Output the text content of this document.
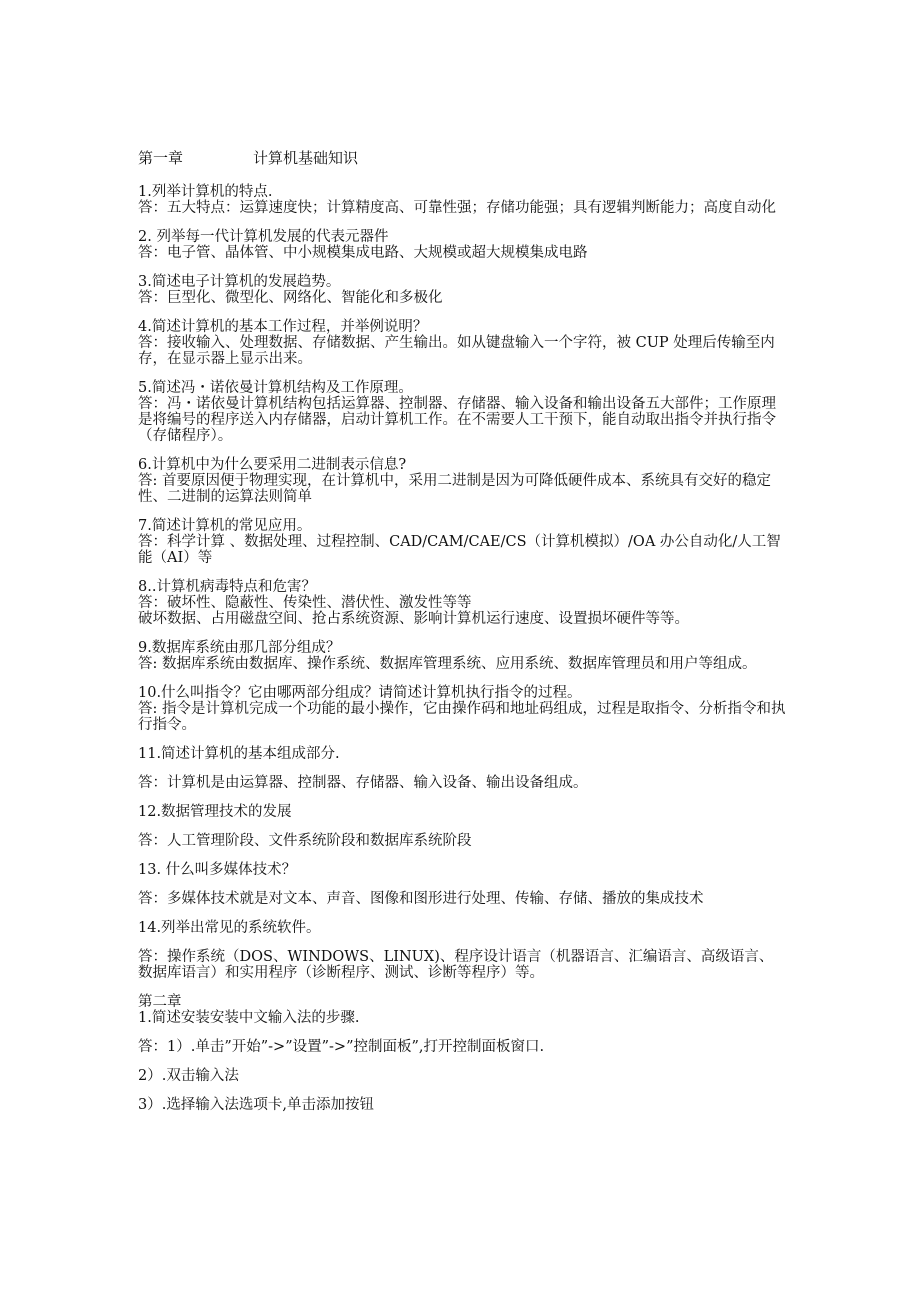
第一章	计算机基础知识

1.列举计算机的特点.

答：五大特点：运算速度快；计算精度高、可靠性强；存储功能强；具有逻辑判断能力；高度自动化

2. 列举每一代计算机发展的代表元器件

答：电子管、晶体管、中小规模集成电路、大规模或超大规模集成电路

3.简述电子计算机的发展趋势。

答：巨型化、微型化、网络化、智能化和多极化

4.简述计算机的基本工作过程，并举例说明？

答：接收输入、处理数据、存储数据、产生输出。如从键盘输入一个字符，被 CUP 处理后传输至内存，在显示器上显示出来。

5.简述冯・诺依曼计算机结构及工作原理。

答：冯・诺依曼计算机结构包括运算器、控制器、存储器、输入设备和输出设备五大部件；工作原理是将编号的程序送入内存储器，启动计算机工作。在不需要人工干预下，能自动取出指令并执行指令（存储程序）。

6.计算机中为什么要采用二进制表示信息?

答: 首要原因便于物理实现，在计算机中，采用二进制是因为可降低硬件成本、系统具有交好的稳定性、二进制的运算法则简单

7.简述计算机的常见应用。

答：科学计算 、数据处理、过程控制、CAD/CAM/CAE/CS（计算机模拟）/OA 办公自动化/人工智能（AI）等

8..计算机病毒特点和危害？

答：破坏性、隐蔽性、传染性、潜伏性、激发性等等

破坏数据、占用磁盘空间、抢占系统资源、影响计算机运行速度、设置损坏硬件等等。

9.数据库系统由那几部分组成？

答: 数据库系统由数据库、操作系统、数据库管理系统、应用系统、数据库管理员和用户等组成。

10.什么叫指令？它由哪两部分组成？请简述计算机执行指令的过程。

答: 指令是计算机完成一个功能的最小操作，它由操作码和地址码组成，过程是取指令、分析指令和执行指令。

11.简述计算机的基本组成部分.

答：计算机是由运算器、控制器、存储器、输入设备、输出设备组成。

12.数据管理技术的发展

答：人工管理阶段、文件系统阶段和数据库系统阶段

13. 什么叫多媒体技术？

答：多媒体技术就是对文本、声音、图像和图形进行处理、传输、存储、播放的集成技术

14.列举出常见的系统软件。

答：操作系统（DOS、WINDOWS、LINUX)、程序设计语言（机器语言、汇编语言、高级语言、数据库语言）和实用程序（诊断程序、测试、诊断等程序）等。

第二章

1.简述安装安装中文输入法的步骤.

答：1）.单击”开始”->”设置”->”控制面板”,打开控制面板窗口.

2）.双击输入法

3）.选择输入法选项卡,单击添加按钮
